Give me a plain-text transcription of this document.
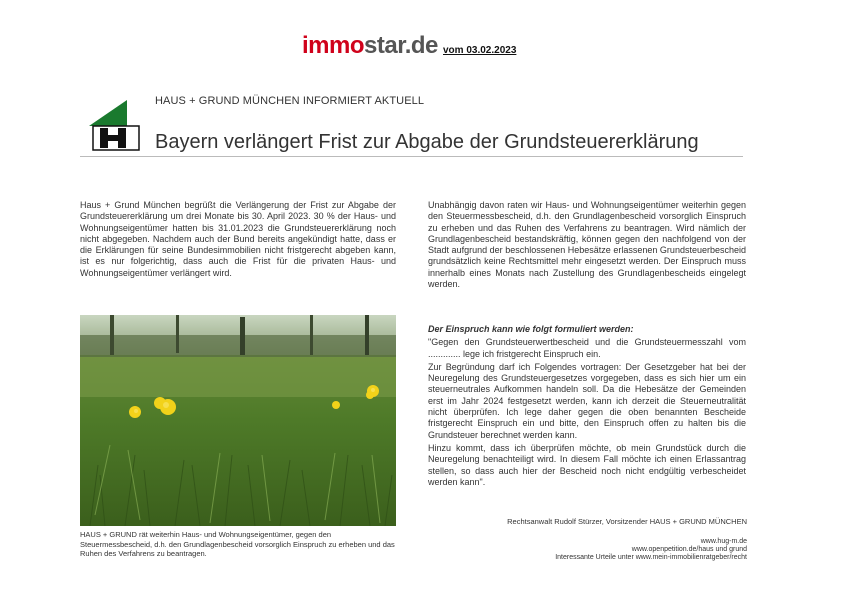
immostar.de vom 03.02.2023
HAUS + GRUND MÜNCHEN INFORMIERT AKTUELL
Bayern verlängert Frist zur Abgabe der Grundsteuererklärung
Haus + Grund München begrüßt die Verlängerung der Frist zur Abgabe der Grundsteuererklärung um drei Monate bis 30. April 2023. 30 % der Haus- und Wohnungseigentümer hatten bis 31.01.2023 die Grundsteuererklärung noch nicht abgegeben. Nachdem auch der Bund bereits angekündigt hatte, dass er die Erklärungen für seine Bundesimmobilien nicht fristgerecht abgeben kann, ist es nur folgerichtig, dass auch die Frist für die privaten Haus- und Wohnungseigentümer verlängert wird.
HAUS + GRUND rät weiterhin Haus- und Wohnungseigentümer, gegen den Steuermessbescheid, d.h. den Grundlagenbescheid vorsorglich Einspruch zu erheben und das Ruhen des Verfahrens zu beantragen.
Unabhängig davon raten wir Haus- und Wohnungseigentümer weiterhin gegen den Steuermessbescheid, d.h. den Grundlagenbescheid vorsorglich Einspruch zu erheben und das Ruhen des Verfahrens zu beantragen. Wird nämlich der Grundlagenbescheid bestandskräftig, können gegen den nachfolgend von der Stadt aufgrund der beschlossenen Hebesätze erlassenen Grundsteuerbescheid grundsätzlich keine Rechtsmittel mehr eingesetzt werden. Der Einspruch muss innerhalb eines Monats nach Zustellung des Grundlagenbescheids eingelegt werden.

Der Einspruch kann wie folgt formuliert werden:

"Gegen den Grundsteuerwertbescheid und die Grundsteuermesszahl vom ............. lege ich fristgerecht Einspruch ein.

Zur Begründung darf ich Folgendes vortragen: Der Gesetzgeber hat bei der Neuregelung des Grundsteuergesetzes vorgegeben, dass es sich hier um ein steuerneutrales Aufkommen handeln soll. Da die Hebesätze der Gemeinden erst im Jahr 2024 festgesetzt werden, kann ich derzeit die Steuerneutralität nicht überprüfen. Ich lege daher gegen die oben benannten Bescheide fristgerecht Einspruch ein und bitte, den Einspruch offen zu halten bis die Grundsteuer berechnet werden kann.

Hinzu kommt, dass ich überprüfen möchte, ob mein Grundstück durch die Neuregelung benachteiligt wird. In diesem Fall möchte ich einen Erlassantrag stellen, so dass auch hier der Bescheid noch nicht endgültig verbescheidet werden kann".

Rechtsanwalt Rudolf Stürzer, Vorsitzender HAUS + GRUND MÜNCHEN
www.hug-m.de
www.openpetition.de/haus und grund
Interessante Urteile unter www.mein-immobilienratgeber/recht
